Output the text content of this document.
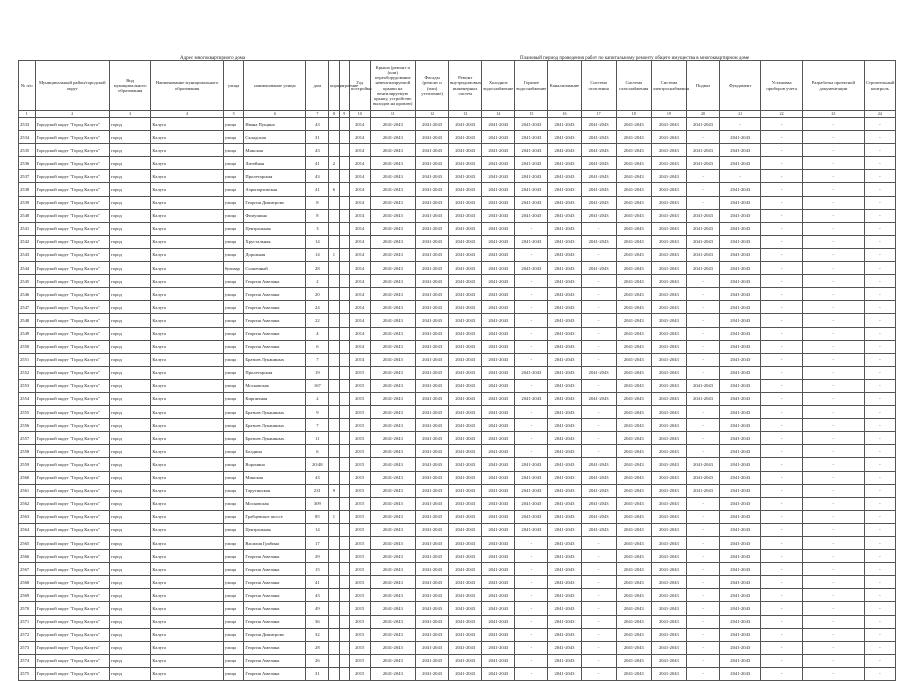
Адрес многоквартирного дома	Плановый период проведения работ по капитальному ремонту общего имущества в многоквартирном доме
№ п/п	Муниципальный район/городской округ	Вид муниципального образования	Наименование муниципального образования	улица	наименование улицы	дом	корпус	строение	Год постройки	Крыша (ремонт и (или) переоборудование невентилируемой крыши на вентилируемую крышу, устройство выходов на кровлю)	Фасады (ремонт и (или) утепление)	Ремонт внутридомовых инженерных систем	Холодное водоснабжение	Горячее водоснабжение	Канализование	Система отопления	Система газоснабжения	Система электроснабжения	Подвал	Фундамент	Установка приборов учета	Разработка проектной документации	Строительный контроль
1	2	3	4	5	6	7	8	9	10	11	12	13	14	15	16	17	18	19	20	21	22	23	24
2533	Городской округ "Город Калуга"	город	Калуга	улица	Ивана Пущина	43			2014	2041-2043	2041-2043	2041-2043	2041-2043	2041-2043	2041-2043	2041-2043	2041-2043	2041-2043	2041-2043	-	-	-	-
2534	Городской округ "Город Калуга"	город	Калуга	улица	Складская	31			2014	2041-2043	2041-2043	2041-2043	2041-2043	2041-2043	2041-2043	2041-2043	2041-2043	2041-2043	-	2041-2043	-	-	-
2535	Городской округ "Город Калуга"	город	Калуга	улица	Минская	43			2014	2041-2043	2041-2043	2041-2043	2041-2043	2041-2043	2041-2043	2041-2043	2041-2043	2041-2043	2041-2043	2041-2043	-	-	-
2536	Городской округ "Город Калуга"	город	Калуга	улица	Литейная	41	2		2014	2041-2043	2041-2043	2041-2043	2041-2043	2041-2043	2041-2043	2041-2043	2041-2043	2041-2043	2041-2043	2041-2043	-	-	-
2537	Городской округ "Город Калуга"	город	Калуга	улица	Пролетарская	43			2014	2041-2043	2041-2043	2041-2043	2041-2043	2041-2043	2041-2043	2041-2043	2041-2043	2041-2043	-	-	-	-	-
2538	Городской округ "Город Калуга"	город	Калуга	улица	Аэропортовская	41	6		2014	2041-2043	2041-2043	2041-2043	2041-2043	2041-2043	2041-2043	2041-2043	2041-2043	2041-2043	-	2041-2043	-	-	-
2539	Городской округ "Город Калуга"	город	Калуга	улица	Георгия Димитрова	8			2014	2041-2043	2041-2043	2041-2043	2041-2043	2041-2043	2041-2043	2041-2043	2041-2043	2041-2043	-	2041-2043	-	-	-
2540	Городской округ "Город Калуга"	город	Калуга	улица	Фомушина	8			2014	2041-2043	2041-2043	2041-2043	2041-2043	2041-2043	2041-2043	2041-2043	2041-2043	2041-2043	2041-2043	2041-2043	-	-	-
2541	Городской округ "Город Калуга"	город	Калуга	улица	Центральная	3			2014	2041-2043	2041-2043	2041-2043	2041-2043	-	2041-2043	-	2041-2043	2041-2043	2041-2043	2041-2043	-	-	-
2542	Городской округ "Город Калуга"	город	Калуга	улица	Хрустальная	14			2014	2041-2043	2041-2043	2041-2043	2041-2043	2041-2043	2041-2043	2041-2043	2041-2043	2041-2043	2041-2043	2041-2043	-	-	-
2543	Городской округ "Город Калуга"	город	Калуга	улица	Дорожная	14	1		2014	2041-2043	2041-2043	2041-2043	2041-2043	-	2041-2043	-	2041-2043	2041-2043	2041-2043	2041-2043	-	-	-
2544	Городской округ "Город Калуга"	город	Калуга	бульвар	Солнечный	28			2014	2041-2043	2041-2043	2041-2043	2041-2043	2041-2043	2041-2043	2041-2043	2041-2043	2041-2043	2041-2043	2041-2043	-	-	-
2545	Городской округ "Город Калуга"	город	Калуга	улица	Георгия Амелина	2			2014	2041-2043	2041-2043	2041-2043	2041-2043	-	2041-2043	-	2041-2043	2041-2043	-	2041-2043	-	-	-
2546	Городской округ "Город Калуга"	город	Калуга	улица	Георгия Амелина	20			2014	2041-2043	2041-2043	2041-2043	2041-2043	-	2041-2043	-	2041-2043	2041-2043	-	2041-2043	-	-	-
2547	Городской округ "Город Калуга"	город	Калуга	улица	Георгия Амелина	24			2014	2041-2043	2041-2043	2041-2043	2041-2043	-	2041-2043	-	2041-2043	2041-2043	-	2041-2043	-	-	-
2548	Городской округ "Город Калуга"	город	Калуга	улица	Георгия Амелина	22			2014	2041-2043	2041-2043	2041-2043	2041-2043	-	2041-2043	-	2041-2043	2041-2043	-	2041-2043	-	-	-
2549	Городской округ "Город Калуга"	город	Калуга	улица	Георгия Амелина	4			2014	2041-2043	2041-2043	2041-2043	2041-2043	-	2041-2043	-	2041-2043	2041-2043	-	2041-2043	-	-	-
2550	Городской округ "Город Калуга"	город	Калуга	улица	Георгия Амелина	6			2014	2041-2043	2041-2043	2041-2043	2041-2043	-	2041-2043	-	2041-2043	2041-2043	-	2041-2043	-	-	-
2551	Городской округ "Город Калуга"	город	Калуга	улица	Братьев Луканиных	7			2014	2041-2043	2041-2043	2041-2043	2041-2043	-	2041-2043	-	2041-2043	2041-2043	-	2041-2043	-	-	-
2552	Городской округ "Город Калуга"	город	Калуга	улица	Пролетарская	19			2015	2041-2043	2041-2043	2041-2043	2041-2043	2041-2043	2041-2043	2041-2043	2041-2043	2041-2043	-	2041-2043	-	-	-
2553	Городской округ "Город Калуга"	город	Калуга	улица	Московская	167			2015	2041-2043	2041-2043	2041-2043	2041-2043	-	2041-2043	-	2041-2043	2041-2043	2041-2043	2041-2043	-	-	-
2554	Городской округ "Город Калуга"	город	Калуга	улица	Кирпичная	2			2015	2041-2043	2041-2043	2041-2043	2041-2043	2041-2043	2041-2043	2041-2043	2041-2043	2041-2043	2041-2043	2041-2043	-	-	-
2555	Городской округ "Город Калуга"	город	Калуга	улица	Братьев Луканиных	9			2015	2041-2043	2041-2043	2041-2043	2041-2043	-	2041-2043	-	2041-2043	2041-2043	-	2041-2043	-	-	-
2556	Городской округ "Город Калуга"	город	Калуга	улица	Братьев Луканиных	7			2015	2041-2043	2041-2043	2041-2043	2041-2043	-	2041-2043	-	2041-2043	2041-2043	-	2041-2043	-	-	-
2557	Городской округ "Город Калуга"	город	Калуга	улица	Братьев Луканиных	11			2015	2041-2043	2041-2043	2041-2043	2041-2043	-	2041-2043	-	2041-2043	2041-2043	-	2041-2043	-	-	-
2558	Городской округ "Город Калуга"	город	Калуга	улица	Болдина	6			2015	2041-2043	2041-2043	2041-2043	2041-2043	-	2041-2043	-	2041-2043	2041-2043	-	2041-2043	-	-	-
2559	Городской округ "Город Калуга"	город	Калуга	улица	Воронина	20/48			2015	2041-2043	2041-2043	2041-2043	2041-2043	2041-2043	2041-2043	2041-2043	2041-2043	2041-2043	2041-2043	2041-2043	-	-	-
2560	Городской округ "Город Калуга"	город	Калуга	улица	Минская	43			2015	2041-2043	2041-2043	2041-2043	2041-2043	2041-2043	2041-2043	2041-2043	2041-2043	2041-2043	2041-2043	2041-2043	-	-	-
2561	Городской округ "Город Калуга"	город	Калуга	улица	Тарутинская	231	9		2015	2041-2043	2041-2043	2041-2043	2041-2043	2041-2043	2041-2043	2041-2043	2041-2043	2041-2043	2041-2043	2041-2043	-	-	-
2562	Городской округ "Город Калуга"	город	Калуга	улица	Московская	309			2015	2041-2043	2041-2043	2041-2043	2041-2043	2041-2043	2041-2043	2041-2043	2041-2043	2041-2043	-	2041-2043	-	-	-
2563	Городской округ "Город Калуга"	город	Калуга	улица	Грабцевское шоссе	85	1		2015	2041-2043	2041-2043	2041-2043	2041-2043	2041-2043	2041-2043	2041-2043	2041-2043	2041-2043	-	2041-2043	-	-	-
2564	Городской округ "Город Калуга"	город	Калуга	улица	Центральная	14			2015	2041-2043	2041-2043	2041-2043	2041-2043	2041-2043	2041-2043	2041-2043	2041-2043	2041-2043	-	2041-2043	-	-	-
2565	Городской округ "Город Калуга"	город	Калуга	улица	Василия Грабина	17			2015	2041-2043	2041-2043	2041-2043	2041-2043	-	2041-2043	-	2041-2043	2041-2043	-	2041-2043	-	-	-
2566	Городской округ "Город Калуга"	город	Калуга	улица	Георгия Амелина	29			2015	2041-2043	2041-2043	2041-2043	2041-2043	-	2041-2043	-	2041-2043	2041-2043	-	2041-2043	-	-	-
2567	Городской округ "Город Калуга"	город	Калуга	улица	Георгия Амелина	15			2015	2041-2043	2041-2043	2041-2043	2041-2043	-	2041-2043	-	2041-2043	2041-2043	-	2041-2043	-	-	-
2568	Городской округ "Город Калуга"	город	Калуга	улица	Георгия Амелина	41			2015	2041-2043	2041-2043	2041-2043	2041-2043	-	2041-2043	-	2041-2043	2041-2043	-	2041-2043	-	-	-
2569	Городской округ "Город Калуга"	город	Калуга	улица	Георгия Амелина	43			2015	2041-2043	2041-2043	2041-2043	2041-2043	-	2041-2043	-	2041-2043	2041-2043	-	2041-2043	-	-	-
2570	Городской округ "Город Калуга"	город	Калуга	улица	Георгия Амелина	49			2015	2041-2043	2041-2043	2041-2043	2041-2043	-	2041-2043	-	2041-2043	2041-2043	-	2041-2043	-	-	-
2571	Городской округ "Город Калуга"	город	Калуга	улица	Георгия Амелина	36			2015	2041-2043	2041-2043	2041-2043	2041-2043	-	2041-2043	-	2041-2043	2041-2043	-	2041-2043	-	-	-
2572	Городской округ "Город Калуга"	город	Калуга	улица	Георгия Димитрова	32			2015	2041-2043	2041-2043	2041-2043	2041-2043	-	2041-2043	-	2041-2043	2041-2043	-	2041-2043	-	-	-
2573	Городской округ "Город Калуга"	город	Калуга	улица	Георгия Амелина	28			2015	2041-2043	2041-2043	2041-2043	2041-2043	-	2041-2043	-	2041-2043	2041-2043	-	2041-2043	-	-	-
2574	Городской округ "Город Калуга"	город	Калуга	улица	Георгия Амелина	26			2015	2041-2043	2041-2043	2041-2043	2041-2043	-	2041-2043	-	2041-2043	2041-2043	-	2041-2043	-	-	-
2575	Городской округ "Город Калуга"	город	Калуга	улица	Георгия Амелина	31			2015	2041-2043	2041-2043	2041-2043	2041-2043	-	2041-2043	-	2041-2043	2041-2043	-	2041-2043	-	-	-
